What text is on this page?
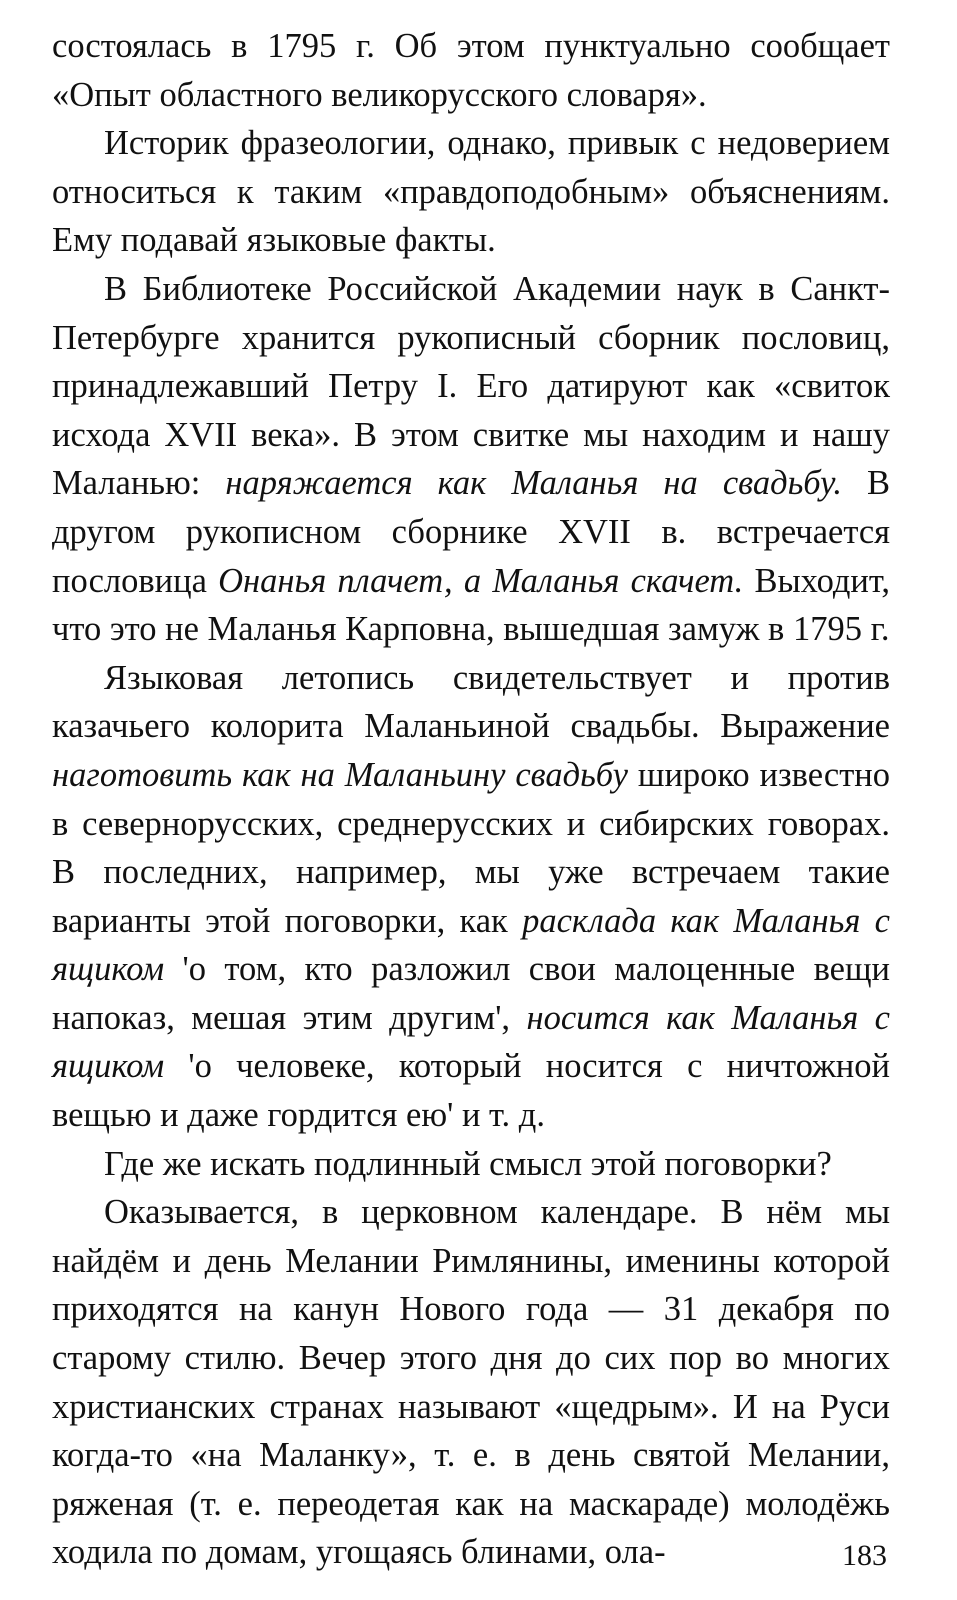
состоялась в 1795 г. Об этом пунктуально сообщает «Опыт областного великорусского словаря».

Историк фразеологии, однако, привык с недоверием относиться к таким «правдоподобным» объяснениям. Ему подавай языковые факты.

В Библиотеке Российской Академии наук в Санкт-Петербурге хранится рукописный сборник пословиц, принадлежавший Петру I. Его датируют как «свиток исхода XVII века». В этом свитке мы находим и нашу Маланью: наряжается как Маланья на свадьбу. В другом рукописном сборнике XVII в. встречается пословица Онанья плачет, а Маланья скачет. Выходит, что это не Маланья Карповна, вышедшая замуж в 1795 г.

Языковая летопись свидетельствует и против казачьего колорита Маланьиной свадьбы. Выражение наготовить как на Маланьину свадьбу широко известно в севернорусских, среднерусских и сибирских говорах. В последних, например, мы уже встречаем такие варианты этой поговорки, как расклада как Маланья с ящиком 'о том, кто разложил свои малоценные вещи напоказ, мешая этим другим', носится как Маланья с ящиком 'о человеке, который носится с ничтожной вещью и даже гордится ею' и т. д.

Где же искать подлинный смысл этой поговорки?

Оказывается, в церковном календаре. В нём мы найдём и день Мелании Римлянины, именины которой приходятся на канун Нового года — 31 декабря по старому стилю. Вечер этого дня до сих пор во многих христианских странах называют «щедрым». И на Руси когда-то «на Маланку», т. е. в день святой Мелании, ряженая (т. е. переодетая как на маскараде) молодёжь ходила по домам, угощаясь блинами, ола-	183
